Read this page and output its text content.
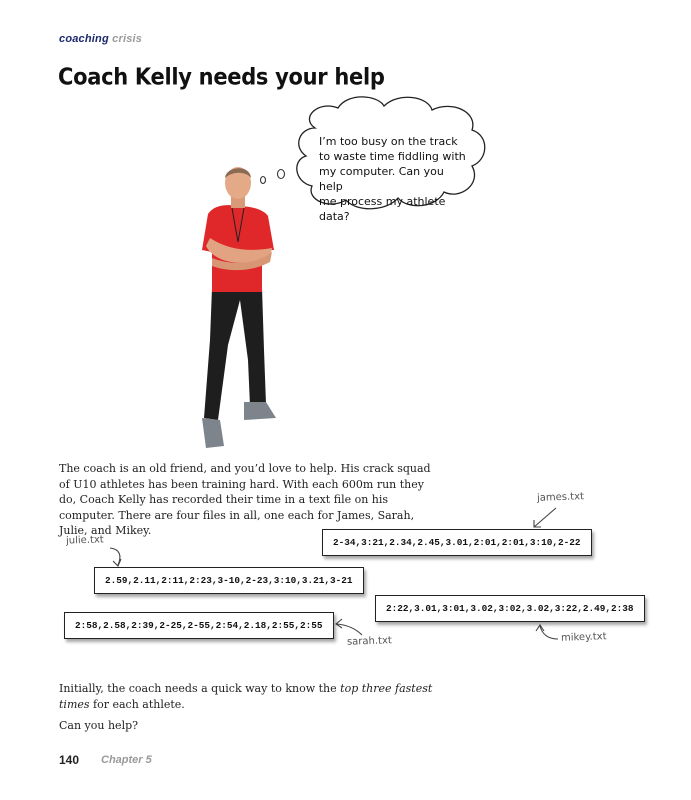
coaching crisis
Coach Kelly needs your help
I’m too busy on the track
to waste time fiddling with
my computer. Can you help
me process my athlete data?
The coach is an old friend, and you’d love to help. His crack squad of U10 athletes has been training hard. With each 600m run they do, Coach Kelly has recorded their time in a text file on his computer. There are four files in all, one each for James, Sarah, Julie, and Mikey.
james.txt
2-34,3:21,2.34,2.45,3.01,2:01,2:01,3:10,2-22
julie.txt
2.59,2.11,2:11,2:23,3-10,2-23,3:10,3.21,3-21
2:22,3.01,3:01,3.02,3:02,3.02,3:22,2.49,2:38
mikey.txt
2:58,2.58,2:39,2-25,2-55,2:54,2.18,2:55,2:55
sarah.txt
Initially, the coach needs a quick way to know the top three fastest times for each athlete.
Can you help?
140 Chapter 5
